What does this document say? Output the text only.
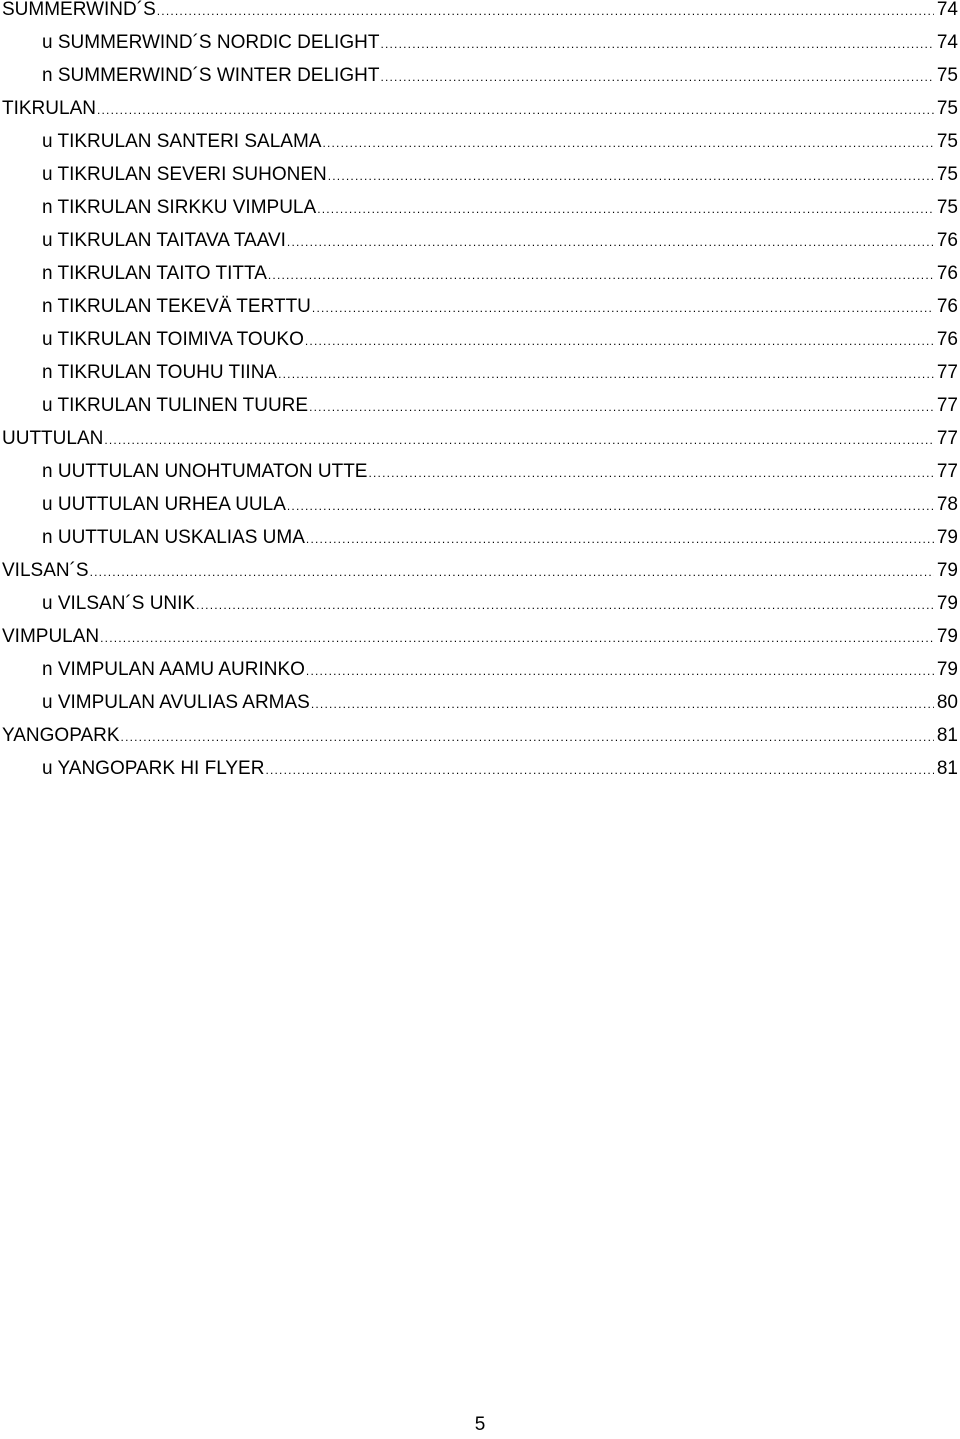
SUMMERWIND´S .....	74
u SUMMERWIND´S NORDIC DELIGHT .....	74
n SUMMERWIND´S WINTER DELIGHT .....	75
TIKRULAN .....	75
u TIKRULAN SANTERI SALAMA .....	75
u TIKRULAN SEVERI SUHONEN .....	75
n TIKRULAN SIRKKU VIMPULA .....	75
u TIKRULAN TAITAVA TAAVI .....	76
n TIKRULAN TAITO TITTA .....	76
n TIKRULAN TEKEVÄ TERTTU .....	76
u TIKRULAN TOIMIVA TOUKO .....	76
n TIKRULAN TOUHU TIINA .....	77
u TIKRULAN TULINEN TUURE .....	77
UUTTULAN .....	77
n UUTTULAN UNOHTUMATON UTTE .....	77
u UUTTULAN URHEA UULA .....	78
n UUTTULAN USKALIAS UMA .....	79
VILSAN´S .....	79
u VILSAN´S UNIK .....	79
VIMPULAN .....	79
n VIMPULAN AAMU AURINKO .....	79
u VIMPULAN AVULIAS ARMAS .....	80
YANGOPARK .....	81
u YANGOPARK HI FLYER .....	81
5
